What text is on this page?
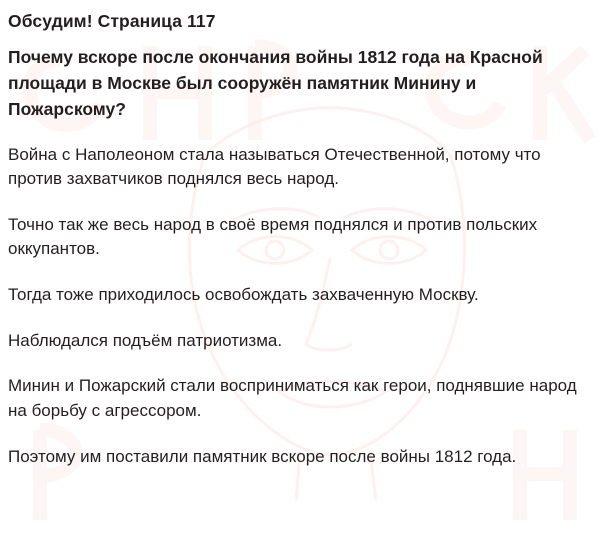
Обсудим! Страница 117

Почему вскоре после окончания войны 1812 года на Красной площади в Москве был сооружён памятник Минину и Пожарскому?

Война с Наполеоном стала называться Отечественной, потому что против захватчиков поднялся весь народ.

Точно так же весь народ в своё время поднялся и против польских оккупантов.

Тогда тоже приходилось освобождать захваченную Москву.

Наблюдался подъём патриотизма.

Минин и Пожарский стали восприниматься как герои, поднявшие народ на борьбу с агрессором.

Поэтому им поставили памятник вскоре после войны 1812 года.
